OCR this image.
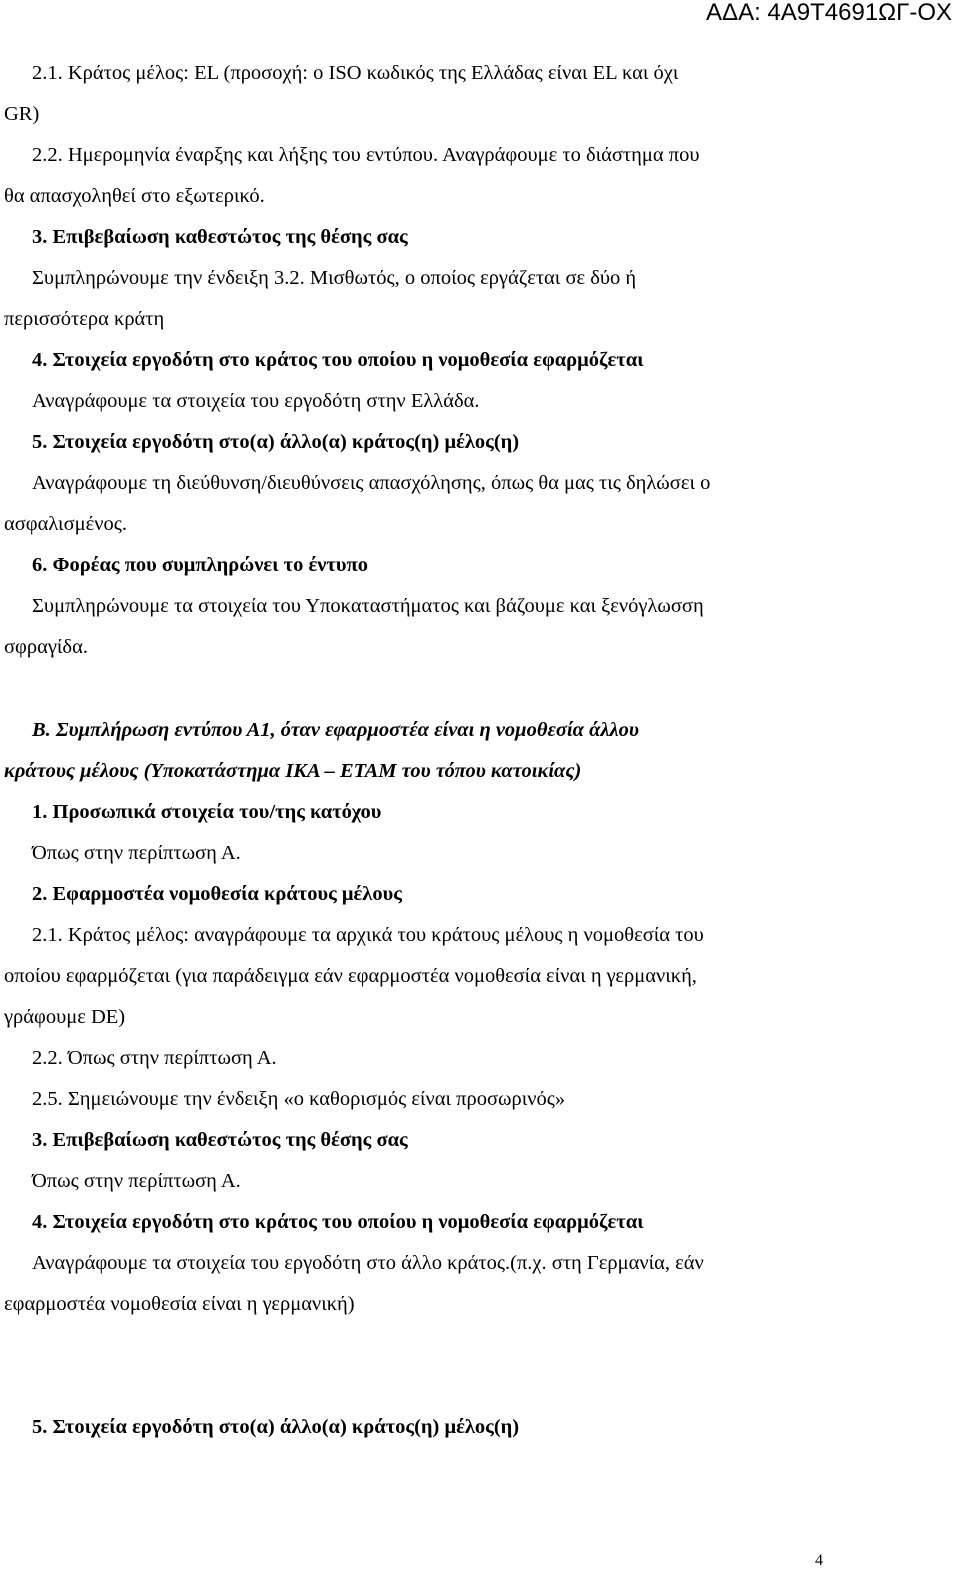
ΑΔΑ: 4Α9Τ4691ΩΓ-ΟΧ
2.1. Κράτος μέλος: EL (προσοχή: ο ISO κωδικός της Ελλάδας είναι EL και όχι
GR)
2.2. Ημερομηνία έναρξης και λήξης του εντύπου. Αναγράφουμε το διάστημα που
θα απασχοληθεί στο εξωτερικό.
3. Επιβεβαίωση καθεστώτος της θέσης σας
Συμπληρώνουμε την ένδειξη 3.2. Μισθωτός, ο οποίος εργάζεται σε δύο ή
περισσότερα κράτη
4. Στοιχεία εργοδότη στο κράτος του οποίου η νομοθεσία εφαρμόζεται
Αναγράφουμε τα στοιχεία του εργοδότη στην Ελλάδα.
5. Στοιχεία εργοδότη στο(α) άλλο(α) κράτος(η) μέλος(η)
Αναγράφουμε τη διεύθυνση/διευθύνσεις απασχόλησης, όπως θα μας τις δηλώσει ο
ασφαλισμένος.
6. Φορέας που συμπληρώνει το έντυπο
Συμπληρώνουμε τα στοιχεία του Υποκαταστήματος και βάζουμε και ξενόγλωσση
σφραγίδα.
Β. Συμπλήρωση εντύπου Α1, όταν εφαρμοστέα είναι η νομοθεσία άλλου
κράτους μέλους (Υποκατάστημα ΙΚΑ – ΕΤΑΜ του τόπου κατοικίας)
1. Προσωπικά στοιχεία του/της κατόχου
Όπως στην περίπτωση Α.
2. Εφαρμοστέα νομοθεσία κράτους μέλους
2.1. Κράτος μέλος: αναγράφουμε τα αρχικά του κράτους μέλους η νομοθεσία του
οποίου εφαρμόζεται (για παράδειγμα εάν εφαρμοστέα νομοθεσία είναι η γερμανική,
γράφουμε DE)
2.2. Όπως στην περίπτωση Α.
2.5. Σημειώνουμε την ένδειξη «ο καθορισμός είναι προσωρινός»
3. Επιβεβαίωση καθεστώτος της θέσης σας
Όπως στην περίπτωση Α.
4. Στοιχεία εργοδότη στο κράτος του οποίου η νομοθεσία εφαρμόζεται
Αναγράφουμε τα στοιχεία του εργοδότη στο άλλο κράτος.(π.χ. στη Γερμανία, εάν
εφαρμοστέα νομοθεσία είναι η γερμανική)
5. Στοιχεία εργοδότη στο(α) άλλο(α) κράτος(η) μέλος(η)
4
